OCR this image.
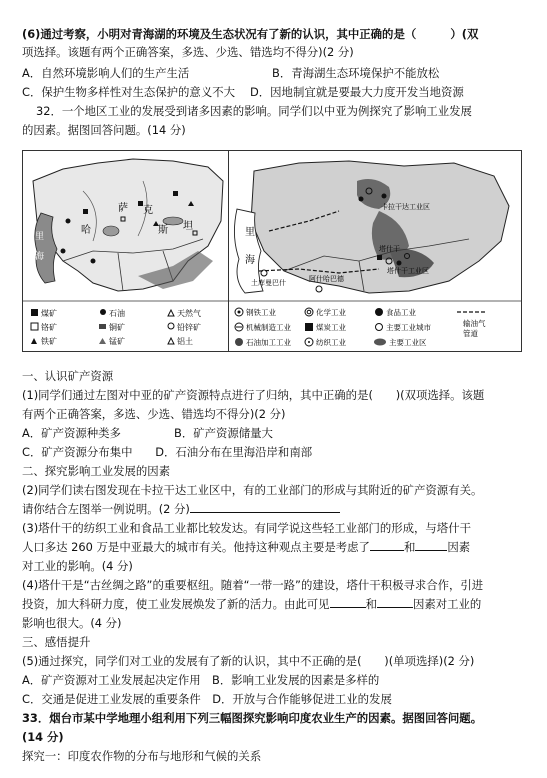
(6)通过考察，小明对青海湖的环境及生态状况有了新的认识，其中正确的是（　　　）(双
项选择。该题有两个正确答案，多选、少选、错选均不得分)(2 分)
A．自然环境影响人们的生产生活	B．青海湖生态环境保护不能放松
C．保护生物多样性对生态保护的意义不大　 D．因地制宜就是要最大力度开发当地资源
32．一个地区工业的发展受到诸多因素的影响。同学们以中亚为例探究了影响工业发展
的因素。据图回答问题。(14 分)
哈
萨 克
斯 坦
里
海
煤矿	石油	天然气
铬矿	铜矿	铅锌矿
铁矿	锰矿	铝土
里
海
卡拉干达工业区
塔什干
塔什干工业区
土库曼巴什	阿什哈巴德
钢铁工业	化学工业	食品工业
机械制造工业	煤炭工业	主要工业城市
石油加工工业	纺织工业	主要工业区
输油气 管道
一、认识矿产资源
(1)同学们通过左图对中亚的矿产资源特点进行了归纳，其中正确的是(　　)(双项选择。该题
有两个正确答案，多选、少选、错选均不得分)(2 分)
A．矿产资源种类多	B．矿产资源储量大
C．矿产资源分布集中　　D．石油分布在里海沿岸和南部
二、探究影响工业发展的因素
(2)同学们读右图发现在卡拉干达工业区中，有的工业部门的形成与其附近的矿产资源有关。
请你结合左图举一例说明。(2 分)
(3)塔什干的纺织工业和食品工业都比较发达。有同学说这些轻工业部门的形成，与塔什干
人口多达 260 万是中亚最大的城市有关。他持这种观点主要是考虑了	和	因素
对工业的影响。(4 分)
(4)塔什干是“古丝绸之路”的重要枢纽。随着“一带一路”的建设，塔什干积极寻求合作，引进
投资，加大科研力度，使工业发展焕发了新的活力。由此可见	和	因素对工业的
影响也很大。(4 分)
三、感悟提升
(5)通过探究，同学们对工业的发展有了新的认识，其中不正确的是(　　)(单项选择)(2 分)
A．矿产资源对工业发展起决定作用　B．影响工业发展的因素是多样的
C．交通是促进工业发展的重要条件　D．开放与合作能够促进工业的发展
33．烟台市某中学地理小组利用下列三幅图探究影响印度农业生产的因素。据图回答问题。
(14 分)
探究一：印度农作物的分布与地形和气候的关系
